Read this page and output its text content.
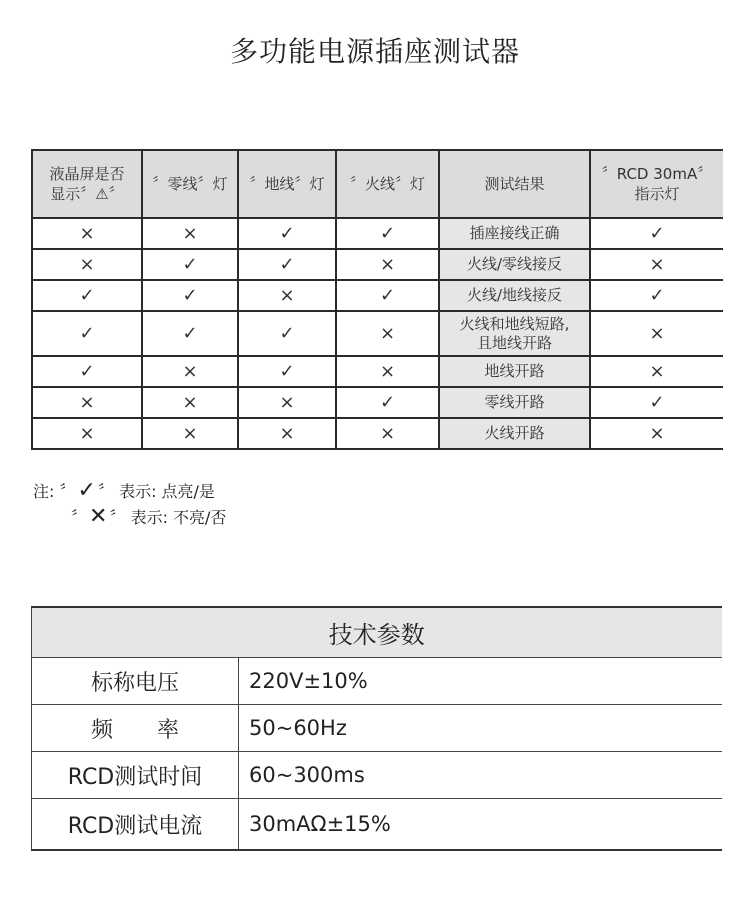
多功能电源插座测试器
液晶屏是否
显示〞⚠〞	〞零线〞灯	〞地线〞灯	〞火线〞灯	测试结果	〞RCD 30mA〞
指示灯
×	×	✓	✓	插座接线正确	✓
×	✓	✓	×	火线/零线接反	×
✓	✓	×	✓	火线/地线接反	✓
✓	✓	✓	×	火线和地线短路,
且地线开路	×
✓	×	✓	×	地线开路	×
×	×	×	✓	零线开路	✓
×	×	×	×	火线开路	×
注: 〞✓ 〞 表示: 点亮/是
〞✕ 〞 表示: 不亮/否
技术参数	
标称电压	220V±10%
频　　率	50~60Hz
RCD测试时间	60~300ms
RCD测试电流	30mAΩ±15%
